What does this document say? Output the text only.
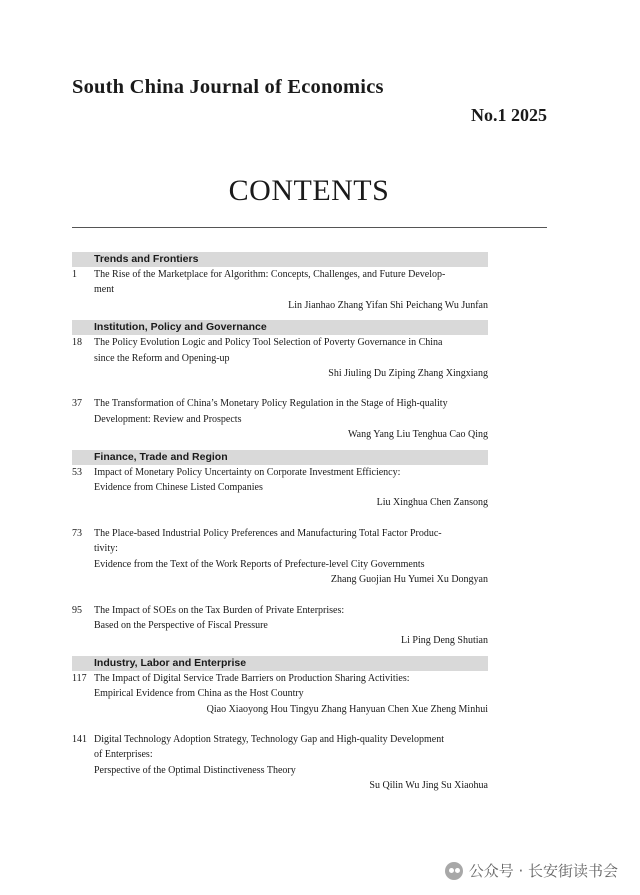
South China Journal of Economics
No.1 2025
CONTENTS
Trends and Frontiers
1	The Rise of the Marketplace for Algorithm: Concepts, Challenges, and Future Develop-
ment
Lin Jianhao Zhang Yifan Shi Peichang Wu Junfan
Institution, Policy and Governance
18	The Policy Evolution Logic and Policy Tool Selection of Poverty Governance in China
since the Reform and Opening-up
Shi Jiuling Du Ziping Zhang Xingxiang
37	The Transformation of China’s Monetary Policy Regulation in the Stage of High-quality
Development: Review and Prospects
Wang Yang Liu Tenghua Cao Qing
Finance, Trade and Region
53	Impact of Monetary Policy Uncertainty on Corporate Investment Efficiency:
Evidence from Chinese Listed Companies
Liu Xinghua Chen Zansong
73	The Place-based Industrial Policy Preferences and Manufacturing Total Factor Produc-
tivity:
Evidence from the Text of the Work Reports of Prefecture-level City Governments
Zhang Guojian Hu Yumei Xu Dongyan
95	The Impact of SOEs on the Tax Burden of Private Enterprises:
Based on the Perspective of Fiscal Pressure
Li Ping Deng Shutian
Industry, Labor and Enterprise
117 The Impact of Digital Service Trade Barriers on Production Sharing Activities:
Empirical Evidence from China as the Host Country
Qiao Xiaoyong Hou Tingyu Zhang Hanyuan Chen Xue Zheng Minhui
141 Digital Technology Adoption Strategy, Technology Gap and High-quality Development
of Enterprises:
Perspective of the Optimal Distinctiveness Theory
Su Qilin Wu Jing Su Xiaohua
公众号 · 长安街读书会
